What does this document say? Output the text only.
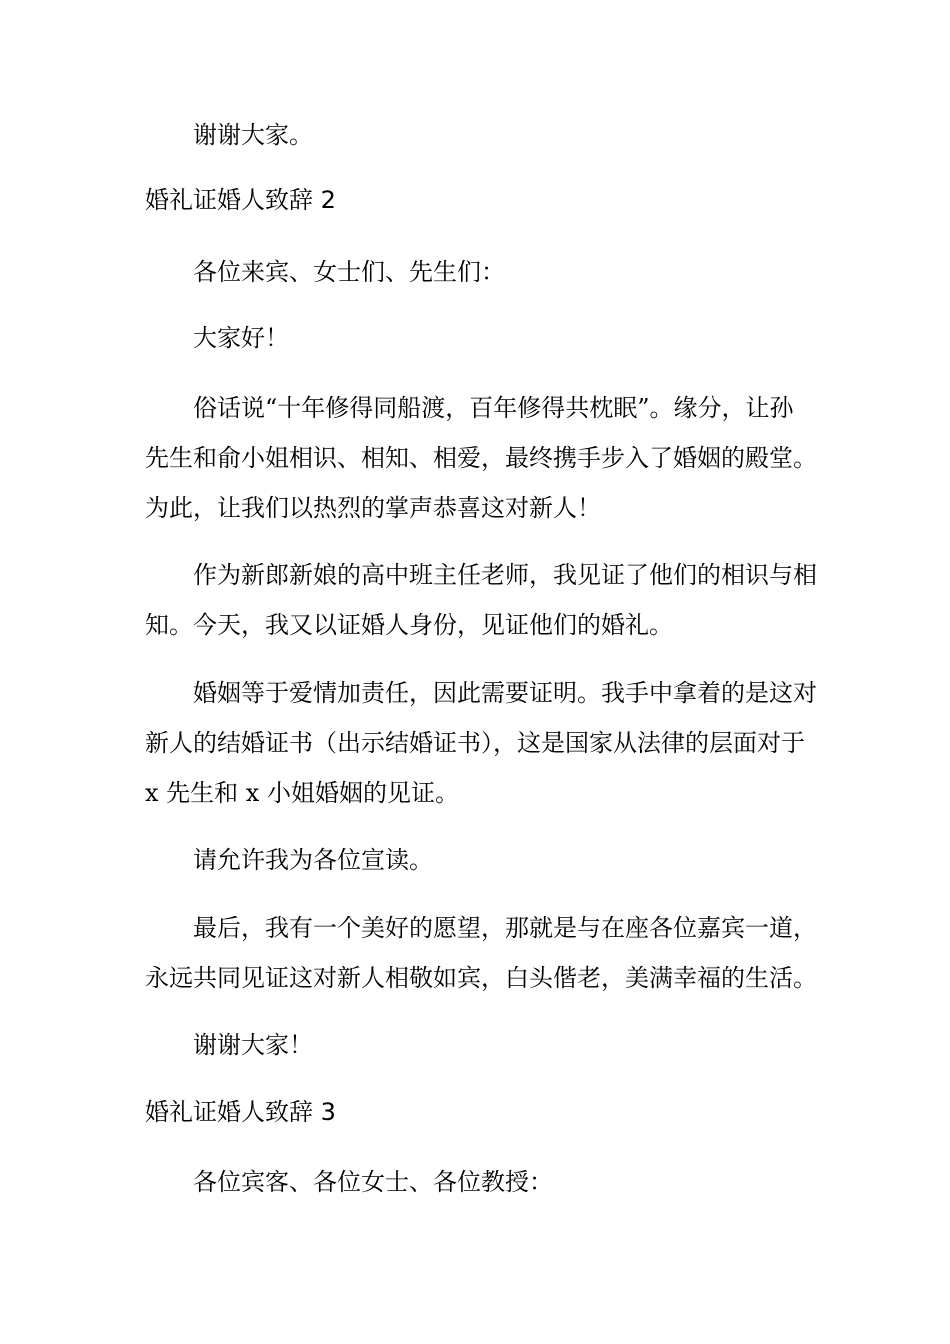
谢谢大家。

婚礼证婚人致辞 2

各位来宾、女士们、先生们：

大家好！

俗话说“十年修得同船渡，百年修得共枕眠”。缘分，让孙

先生和俞小姐相识、相知、相爱，最终携手步入了婚姻的殿堂。

为此，让我们以热烈的掌声恭喜这对新人！

作为新郎新娘的高中班主任老师，我见证了他们的相识与相

知。今天，我又以证婚人身份，见证他们的婚礼。

婚姻等于爱情加责任，因此需要证明。我手中拿着的是这对

新人的结婚证书（出示结婚证书），这是国家从法律的层面对于

x 先生和 x 小姐婚姻的见证。

请允许我为各位宣读。

最后，我有一个美好的愿望，那就是与在座各位嘉宾一道，

永远共同见证这对新人相敬如宾，白头偕老，美满幸福的生活。

谢谢大家！

婚礼证婚人致辞 3

各位宾客、各位女士、各位教授：
